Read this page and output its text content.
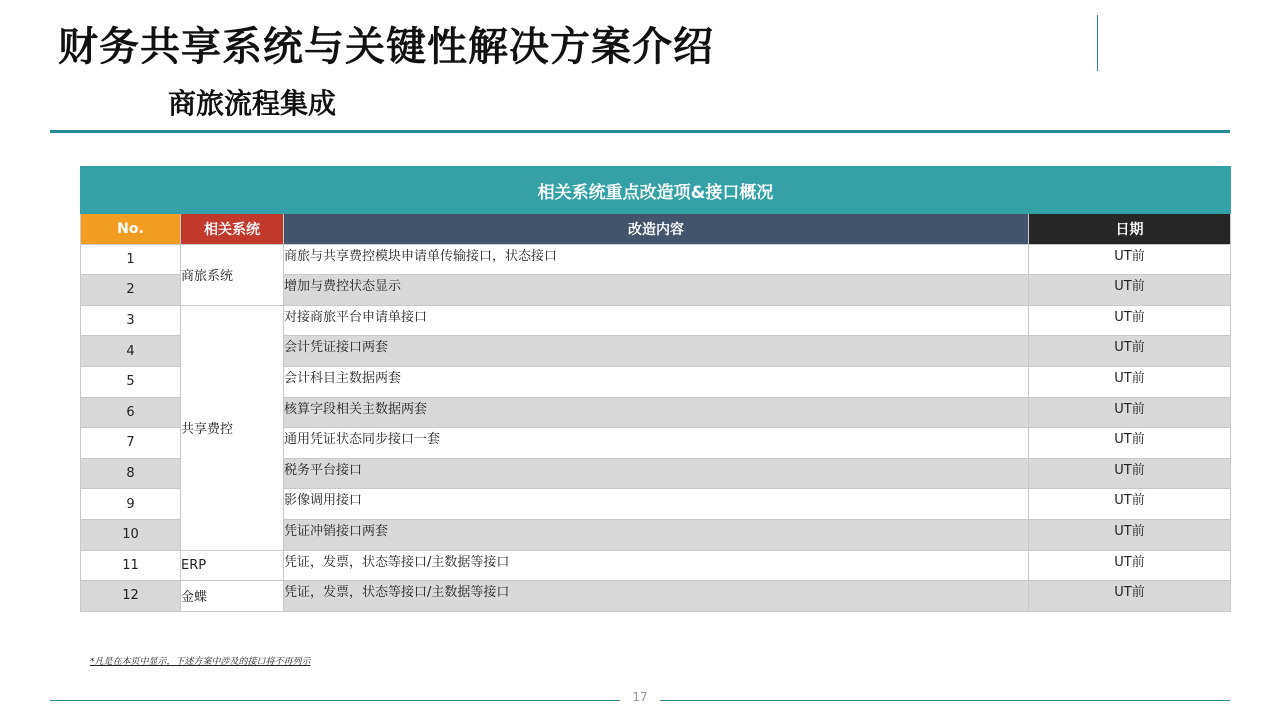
财务共享系统与关键性解决方案介绍
商旅流程集成
相关系统重点改造项&接口概况			
No.	相关系统	改造内容	日期
1	商旅系统	商旅与共享费控模块申请单传输接口，状态接口	UT前
2		增加与费控状态显示	UT前
3	共享费控	对接商旅平台申请单接口	UT前
4		会计凭证接口两套	UT前
5		会计科目主数据两套	UT前
6		核算字段相关主数据两套	UT前
7		通用凭证状态同步接口一套	UT前
8		税务平台接口	UT前
9		影像调用接口	UT前
10		凭证冲销接口两套	UT前
11	ERP	凭证，发票，状态等接口/主数据等接口	UT前
12	金蝶	凭证，发票，状态等接口/主数据等接口	UT前
*凡是在本页中显示，下述方案中涉及的接口将不再列示
17
